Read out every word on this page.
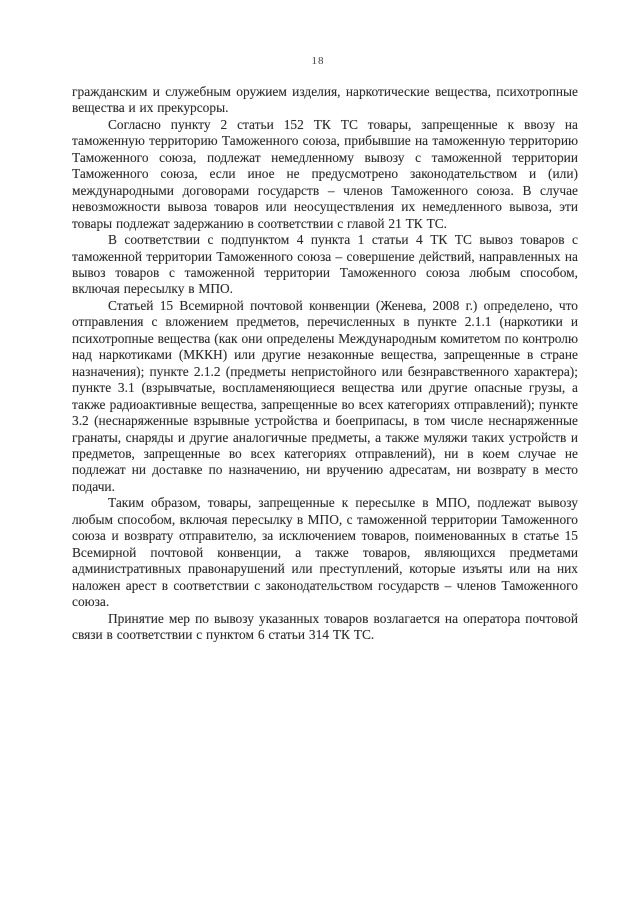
18

гражданским и служебным оружием изделия, наркотические вещества, психотропные вещества и их прекурсоры.

Согласно пункту 2 статьи 152 ТК ТС товары, запрещенные к ввозу на таможенную территорию Таможенного союза, прибывшие на таможенную территорию Таможенного союза, подлежат немедленному вывозу с таможенной территории Таможенного союза, если иное не предусмотрено законодательством и (или) международными договорами государств – членов Таможенного союза. В случае невозможности вывоза товаров или неосуществления их немедленного вывоза, эти товары подлежат задержанию в соответствии с главой 21 ТК ТС.

В соответствии с подпунктом 4 пункта 1 статьи 4 ТК ТС вывоз товаров с таможенной территории Таможенного союза – совершение действий, направленных на вывоз товаров с таможенной территории Таможенного союза любым способом, включая пересылку в МПО.

Статьей 15 Всемирной почтовой конвенции (Женева, 2008 г.) определено, что отправления с вложением предметов, перечисленных в пункте 2.1.1 (наркотики и психотропные вещества (как они определены Международным комитетом по контролю над наркотиками (МККН) или другие незаконные вещества, запрещенные в стране назначения); пункте 2.1.2 (предметы непристойного или безнравственного характера); пункте 3.1 (взрывчатые, воспламеняющиеся вещества или другие опасные грузы, а также радиоактивные вещества, запрещенные во всех категориях отправлений); пункте 3.2 (неснаряженные взрывные устройства и боеприпасы, в том числе неснаряженные гранаты, снаряды и другие аналогичные предметы, а также муляжи таких устройств и предметов, запрещенные во всех категориях отправлений), ни в коем случае не подлежат ни доставке по назначению, ни вручению адресатам, ни возврату в место подачи.

Таким образом, товары, запрещенные к пересылке в МПО, подлежат вывозу любым способом, включая пересылку в МПО, с таможенной территории Таможенного союза и возврату отправителю, за исключением товаров, поименованных в статье 15 Всемирной почтовой конвенции, а также товаров, являющихся предметами административных правонарушений или преступлений, которые изъяты или на них наложен арест в соответствии с законодательством государств – членов Таможенного союза.

Принятие мер по вывозу указанных товаров возлагается на оператора почтовой связи в соответствии с пунктом 6 статьи 314 ТК ТС.
